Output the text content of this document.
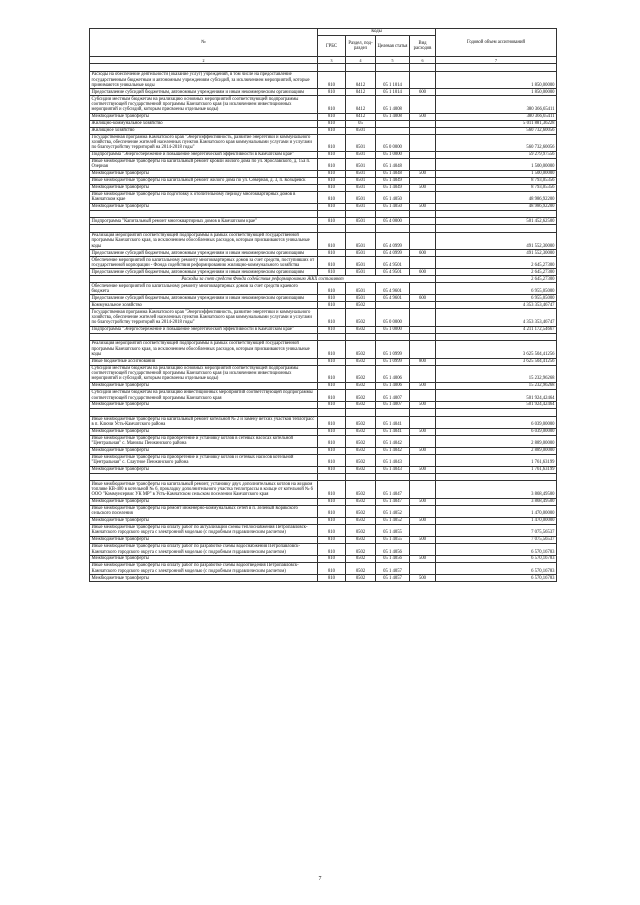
№	Коды				Годовой объем ассигнований
	ГРБС	Раздел, под-раздел	Целевая статья	Вид расходов	
2	3	4	5	6	7

Расходы на обеспечение деятельности (оказание услуг) учреждений, в том числе на предоставление государственным бюджетным и автономным учреждениям субсидий, за исключением мероприятий, которые принимаются уникальные коды	810	0412	05 1 1014		1 850,00000
Предоставление субсидий бюджетным, автономным учреждениям и иным некоммерческим организациям	810	0412	05 1 1014	600	1 850,00000
Субсидии местным бюджетам на реализацию основных мероприятий соответствующей подпрограммы соответствующей государственной программы Камчатского края (за исключением инвестиционных мероприятий и субсидий, которым присвоены отдельные коды)	810	0412	05 1 4008		380 366,65411
Межбюджетные трансферты	810	0412	05 1 4008	500	380 366,65411
Жилищно-коммунальное хозяйство	810	05			5 011 881,36228
Жилищное хозяйство	810	0501			560 732,60056
Государственная программа Камчатского края "Энергоэффективность, развитие энергетики и коммунального хозяйства, обеспечение жителей населенных пунктов Камчатского края коммунальными услугами и услугами по благоустройству территорий на 2014-2018 годы"	810	0501	05 0 0000		560 732,60056
Подпрограмма "Энергосбережение и повышение энергетической эффективности в Камчатском крае"	810	0501	05 1 0000		59 279,97556
Иные межбюджетные трансферты на капитальный ремонт кровли жилого дома по ул. Ярославского, д. 15а п. Озерная	810	0501	05 1 4048		1 500,00000
Межбюджетные трансферты	810	0501	05 1 4048	500	1 500,00000
Иные межбюджетные трансферты на капитальный ремонт жилого дома по ул. Северная, д. 3, п. Козыревск	810	0501	05 1 4049		8 793,05356
Межбюджетные трансферты	810	0501	05 1 4049	500	8 793,05356
Иные межбюджетные трансферты на подготовку к отопительному периоду многоквартирных домов в Камчатском крае	810	0501	05 1 4050		48 986,92200
Межбюджетные трансферты	810	0501	05 1 4050	500	48 986,92200

Подпрограмма "Капитальный ремонт многоквартирных домов в Камчатском крае"	810	0501	05 4 0000		501 452,62500

Реализация мероприятий соответствующей подпрограммы в рамках соответствующей государственной программы Камчатского края, за исключением обособленных расходов, которым присваиваются уникальные коды	810	0501	05 4 0999		491 552,30000
Предоставление субсидий бюджетным, автономным учреждениям и иным некоммерческим организациям	810	0501	05 4 0999	600	491 552,30000
Обеспечение мероприятий по капитальному ремонту многоквартирных домов за счет средств, поступивших от государственной корпорации - Фонда содействия реформированию жилищно-коммунального хозяйства	810	0501	05 4 9501		2 645,27300
Предоставление субсидий бюджетным, автономным учреждениям и иным некоммерческим организациям	810	0501	05 4 9501	600	2 645,27300
Расходы за счет средств Фонда содействия реформированию ЖКХ составляют					2 645,27300
Обеспечение мероприятий по капитальному ремонту многоквартирных домов за счет средств краевого бюджета	810	0501	05 4 9601		6 955,05000
Предоставление субсидий бюджетным, автономным учреждениям и иным некоммерческим организациям	810	0501	05 4 9601	600	6 955,05000
Коммунальное хозяйство	810	0502			4 353 353,46747
Государственная программа Камчатского края "Энергоэффективность, развитие энергетики и коммунального хозяйства, обеспечение жителей населенных пунктов Камчатского края коммунальными услугами и услугами по благоустройству территорий на 2014-2018 годы"	810	0502	05 0 0000		4 353 353,46747
Подпрограмма "Энергосбережение и повышение энергетической эффективности в Камчатском крае"	810	0502	05 1 0000		4 211 172,54667

Реализация мероприятий соответствующей подпрограммы в рамках соответствующей государственной программы Камчатского края, за исключением обособленных расходов, которым присваиваются уникальные коды	810	0502	05 1 0999		3 625 504,41256
Иные бюджетные ассигнования	810	0502	05 1 0999	800	3 625 504,41256
Субсидии местным бюджетам на реализацию основных мероприятий соответствующей подпрограммы соответствующей государственной программы Камчатского края (за исключением инвестиционных мероприятий и субсидий, которым присвоены отдельные коды)	810	0502	05 1 4006		15 232,96268
Межбюджетные трансферты	810	0502	05 1 4006	500	15 232,96268
Субсидии местным бюджетам на реализацию инвестиционных мероприятий соответствующей подпрограммы соответствующей государственной программы Камчатского края	810	0502	05 1 4007		501 924,42464
Межбюджетные трансферты	810	0502	05 1 4007	500	501 924,42464

Иные межбюджетные трансферты на капитальный ремонт котельной № 2 и замену ветхих участков теплотрасс в п. Ключи Усть-Камчатского района	810	0502	05 1 4041		6 039,00000
Межбюджетные трансферты	810	0502	05 1 4041	500	6 039,00000
Иные межбюджетные трансферты на приобретение и установку котлов в сетевых насосах котельной "Центральная" с. Манилы Пенжинского района	810	0502	05 1 4042		2 889,00000
Межбюджетные трансферты	810	0502	05 1 4042	500	2 889,00000
Иные межбюджетные трансферты на приобретение и установку котлов и сетевых насосов котельной "Центральная" с. Слаутное Пенжинского района	810	0502	05 1 4043		1 761,63199
Межбюджетные трансферты	810	0502	05 1 4043	500	1 761,63199

Иные межбюджетные трансферты на капитальный ремонт, установку двух дополнительных котлов на жидком топливе КВ-400 в котельной № 6, прокладку дополнительного участка теплотрассы в кольце от котельной № 6 ООО "Коммунсервис УК МР" в Усть-Камчатском сельском поселении Камчатского края	810	0502	05 1 4047		3 868,49500
Межбюджетные трансферты	810	0502	05 1 4047	500	3 868,49500
Иные межбюджетные трансферты на ремонт инженерно-коммунальных сетей в п. Зеленый Корякского сельского поселения	810	0502	05 1 4052		1 470,00000
Межбюджетные трансферты	810	0502	05 1 4052	500	1 470,00000
Иные межбюджетные трансферты на оплату работ по актуализации схемы теплоснабжения Петропавловск-Камчатского городского округа с электронной моделью (с подробным гидравлическим расчетом)	810	0502	05 1 4055		7 075,56537
Межбюджетные трансферты	810	0502	05 1 4055	500	7 075,56537
Иные межбюджетные трансферты на оплату работ по разработке схемы водоснабжения Петропавловск-Камчатского городского округа с электронной моделью (с подробным гидравлическим расчетом)	810	0502	05 1 4056		6 570,16783
Межбюджетные трансферты	810	0502	05 1 4056	500	6 570,16783
Иные межбюджетные трансферты на оплату работ по разработке схемы водоотведения Петропавловск-Камчатского городского округа с электронной моделью (с подробным гидравлическим расчетом)	810	0502	05 1 4057		6 570,16783
Межбюджетные трансферты	810	0502	05 1 4057	500	6 570,16783
7
